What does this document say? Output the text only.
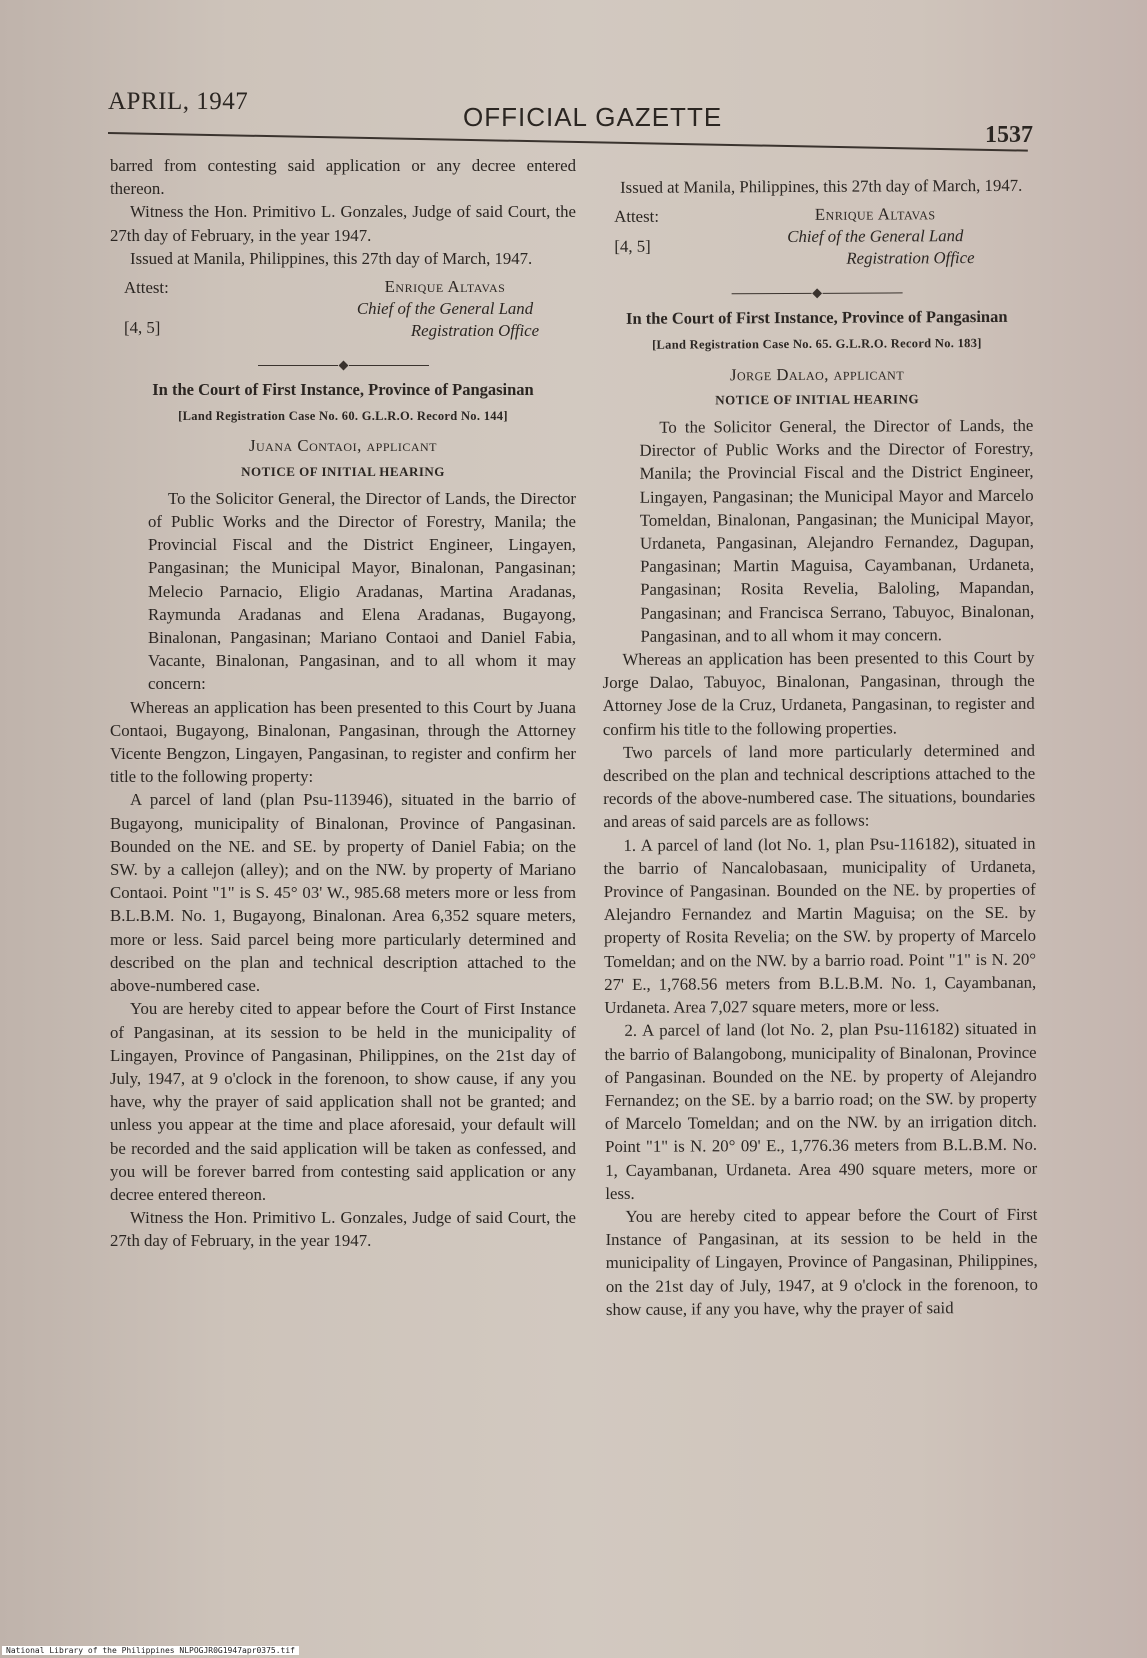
APRIL, 1947
OFFICIAL GAZETTE
1537

barred from contesting said application or any decree entered thereon.

Witness the Hon. Primitivo L. Gonzales, Judge of said Court, the 27th day of February, in the year 1947.

Issued at Manila, Philippines, this 27th day of March, 1947.

Attest:	Enrique Altavas
Chief of the General Land
Registration Office
[4, 5]
In the Court of First Instance, Province of Pangasinan
[Land Registration Case No. 60. G.L.R.O. Record No. 144]
Juana Contaoi, applicant
NOTICE OF INITIAL HEARING

To the Solicitor General, the Director of Lands, the Director of Public Works and the Director of Forestry, Manila; the Provincial Fiscal and the District Engineer, Lingayen, Pangasinan; the Municipal Mayor, Binalonan, Pangasinan; Melecio Parnacio, Eligio Aradanas, Martina Aradanas, Raymunda Aradanas and Elena Aradanas, Bugayong, Binalonan, Pangasinan; Mariano Contaoi and Daniel Fabia, Vacante, Binalonan, Pangasinan, and to all whom it may concern:

Whereas an application has been presented to this Court by Juana Contaoi, Bugayong, Binalonan, Pangasinan, through the Attorney Vicente Bengzon, Lingayen, Pangasinan, to register and confirm her title to the following property:

A parcel of land (plan Psu-113946), situated in the barrio of Bugayong, municipality of Binalonan, Province of Pangasinan. Bounded on the NE. and SE. by property of Daniel Fabia; on the SW. by a callejon (alley); and on the NW. by property of Mariano Contaoi. Point "1" is S. 45° 03' W., 985.68 meters more or less from B.L.B.M. No. 1, Bugayong, Binalonan. Area 6,352 square meters, more or less. Said parcel being more particularly determined and described on the plan and technical description attached to the above-numbered case.

You are hereby cited to appear before the Court of First Instance of Pangasinan, at its session to be held in the municipality of Lingayen, Province of Pangasinan, Philippines, on the 21st day of July, 1947, at 9 o'clock in the forenoon, to show cause, if any you have, why the prayer of said application shall not be granted; and unless you appear at the time and place aforesaid, your default will be recorded and the said application will be taken as confessed, and you will be forever barred from contesting said application or any decree entered thereon.

Witness the Hon. Primitivo L. Gonzales, Judge of said Court, the 27th day of February, in the year 1947.

Issued at Manila, Philippines, this 27th day of March, 1947.

Attest:	Enrique Altavas
Chief of the General Land
Registration Office
[4, 5]
In the Court of First Instance, Province of Pangasinan
[Land Registration Case No. 65. G.L.R.O. Record No. 183]
Jorge Dalao, applicant
NOTICE OF INITIAL HEARING

To the Solicitor General, the Director of Lands, the Director of Public Works and the Director of Forestry, Manila; the Provincial Fiscal and the District Engineer, Lingayen, Pangasinan; the Municipal Mayor and Marcelo Tomeldan, Binalonan, Pangasinan; the Municipal Mayor, Urdaneta, Pangasinan, Alejandro Fernandez, Dagupan, Pangasinan; Martin Maguisa, Cayambanan, Urdaneta, Pangasinan; Rosita Revelia, Baloling, Mapandan, Pangasinan; and Francisca Serrano, Tabuyoc, Binalonan, Pangasinan, and to all whom it may concern.

Whereas an application has been presented to this Court by Jorge Dalao, Tabuyoc, Binalonan, Pangasinan, through the Attorney Jose de la Cruz, Urdaneta, Pangasinan, to register and confirm his title to the following properties.

Two parcels of land more particularly determined and described on the plan and technical descriptions attached to the records of the above-numbered case. The situations, boundaries and areas of said parcels are as follows:

1. A parcel of land (lot No. 1, plan Psu-116182), situated in the barrio of Nancalobasaan, municipality of Urdaneta, Province of Pangasinan. Bounded on the NE. by properties of Alejandro Fernandez and Martin Maguisa; on the SE. by property of Rosita Revelia; on the SW. by property of Marcelo Tomeldan; and on the NW. by a barrio road. Point "1" is N. 20° 27' E., 1,768.56 meters from B.L.B.M. No. 1, Cayambanan, Urdaneta. Area 7,027 square meters, more or less.

2. A parcel of land (lot No. 2, plan Psu-116182) situated in the barrio of Balangobong, municipality of Binalonan, Province of Pangasinan. Bounded on the NE. by property of Alejandro Fernandez; on the SE. by a barrio road; on the SW. by property of Marcelo Tomeldan; and on the NW. by an irrigation ditch. Point "1" is N. 20° 09' E., 1,776.36 meters from B.L.B.M. No. 1, Cayambanan, Urdaneta. Area 490 square meters, more or less.

You are hereby cited to appear before the Court of First Instance of Pangasinan, at its session to be held in the municipality of Lingayen, Province of Pangasinan, Philippines, on the 21st day of July, 1947, at 9 o'clock in the forenoon, to show cause, if any you have, why the prayer of said

National Library of the Philippines NLPOGJR0G1947apr0375.tif
